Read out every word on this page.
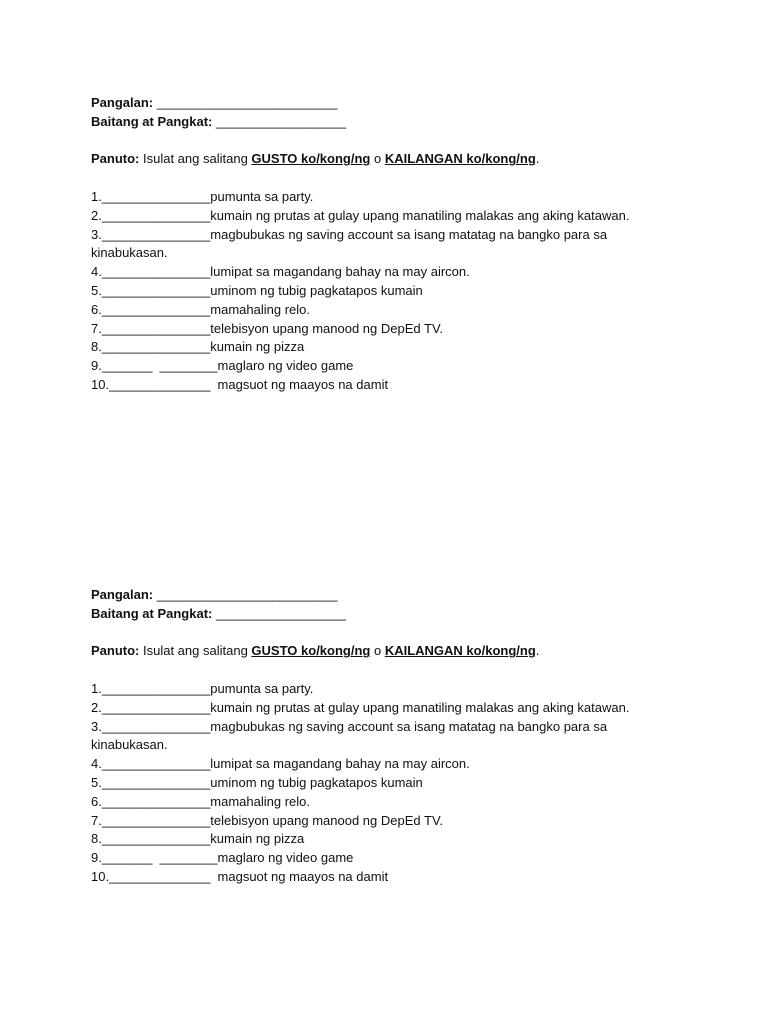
Pangalan: _________________________
Baitang at Pangkat: __________________
Panuto: Isulat ang salitang GUSTO ko/kong/ng o KAILANGAN ko/kong/ng.
1._______________pumunta sa party.
2._______________kumain ng prutas at gulay upang manatiling malakas ang aking katawan.
3._______________magbubukas ng saving account sa isang matatag na bangko para sa
kinabukasan.
4._______________lumipat sa magandang bahay na may aircon.
5._______________uminom ng tubig pagkatapos kumain
6._______________mamahaling relo.
7._______________telebisyon upang manood ng DepEd TV.
8._______________kumain ng pizza
9._______  ________maglaro ng video game
10.______________  magsuot ng maayos na damit
Pangalan: _________________________
Baitang at Pangkat: __________________
Panuto: Isulat ang salitang GUSTO ko/kong/ng o KAILANGAN ko/kong/ng.
1._______________pumunta sa party.
2._______________kumain ng prutas at gulay upang manatiling malakas ang aking katawan.
3._______________magbubukas ng saving account sa isang matatag na bangko para sa
kinabukasan.
4._______________lumipat sa magandang bahay na may aircon.
5._______________uminom ng tubig pagkatapos kumain
6._______________mamahaling relo.
7._______________telebisyon upang manood ng DepEd TV.
8._______________kumain ng pizza
9._______  ________maglaro ng video game
10.______________  magsuot ng maayos na damit
